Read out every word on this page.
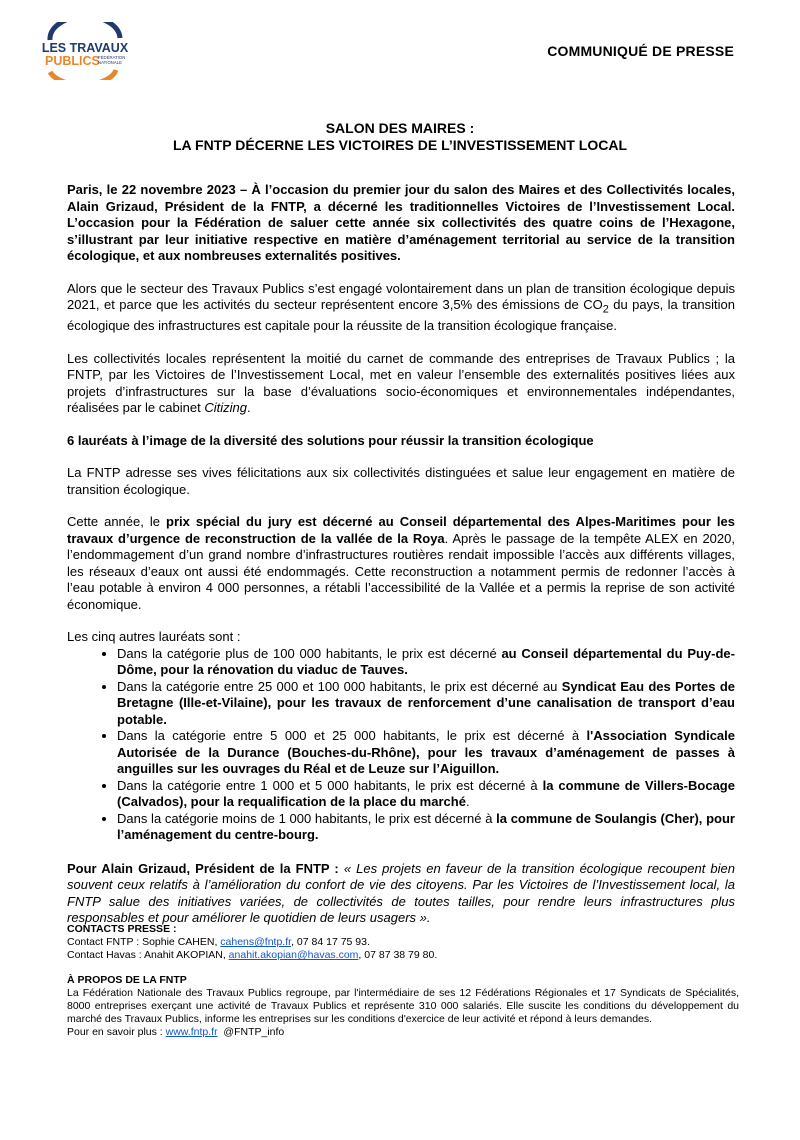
LES TRAVAUX
PUBLICS
FÉDÉRATION
NATIONALE
COMMUNIQUÉ DE PRESSE
SALON DES MAIRES :
LA FNTP DÉCERNE LES VICTOIRES DE L’INVESTISSEMENT LOCAL

Paris, le 22 novembre 2023 – À l’occasion du premier jour du salon des Maires et des Collectivités locales, Alain Grizaud, Président de la FNTP, a décerné les traditionnelles Victoires de l’Investissement Local. L’occasion pour la Fédération de saluer cette année six collectivités des quatre coins de l’Hexagone, s’illustrant par leur initiative respective en matière d’aménagement territorial au service de la transition écologique, et aux nombreuses externalités positives.

Alors que le secteur des Travaux Publics s’est engagé volontairement dans un plan de transition écologique depuis 2021, et parce que les activités du secteur représentent encore 3,5% des émissions de $CO_2$ du pays, la transition écologique des infrastructures est capitale pour la réussite de la transition écologique française.

Les collectivités locales représentent la moitié du carnet de commande des entreprises de Travaux Publics ; la FNTP, par les Victoires de l’Investissement Local, met en valeur l’ensemble des externalités positives liées aux projets d’infrastructures sur la base d’évaluations socio-économiques et environnementales indépendantes, réalisées par le cabinet Citizing.

6 lauréats à l’image de la diversité des solutions pour réussir la transition écologique

La FNTP adresse ses vives félicitations aux six collectivités distinguées et salue leur engagement en matière de transition écologique.

Cette année, le prix spécial du jury est décerné au Conseil départemental des Alpes-Maritimes pour les travaux d’urgence de reconstruction de la vallée de la Roya. Après le passage de la tempête ALEX en 2020, l’endommagement d’un grand nombre d’infrastructures routières rendait impossible l’accès aux différents villages, les réseaux d’eaux ont aussi été endommagés. Cette reconstruction a notamment permis de redonner l’accès à l’eau potable à environ 4 000 personnes, a rétabli l’accessibilité de la Vallée et a permis la reprise de son activité économique.

Les cinq autres lauréats sont :

• Dans la catégorie plus de 100 000 habitants, le prix est décerné au Conseil départemental du Puy-de-Dôme, pour la rénovation du viaduc de Tauves.
• Dans la catégorie entre 25 000 et 100 000 habitants, le prix est décerné au Syndicat Eau des Portes de Bretagne (Ille-et-Vilaine), pour les travaux de renforcement d’une canalisation de transport d’eau potable.
• Dans la catégorie entre 5 000 et 25 000 habitants, le prix est décerné à l'Association Syndicale Autorisée de la Durance (Bouches-du-Rhône), pour les travaux d’aménagement de passes à anguilles sur les ouvrages du Réal et de Leuze sur l’Aiguillon.
• Dans la catégorie entre 1 000 et 5 000 habitants, le prix est décerné à la commune de Villers-Bocage (Calvados), pour la requalification de la place du marché.
• Dans la catégorie moins de 1 000 habitants, le prix est décerné à la commune de Soulangis (Cher), pour l’aménagement du centre-bourg.

Pour Alain Grizaud, Président de la FNTP : « Les projets en faveur de la transition écologique recoupent bien souvent ceux relatifs à l’amélioration du confort de vie des citoyens. Par les Victoires de l’Investissement local, la FNTP salue des initiatives variées, de collectivités de toutes tailles, pour rendre leurs infrastructures plus responsables et pour améliorer le quotidien de leurs usagers ».

CONTACTS PRESSE :

Contact FNTP : Sophie CAHEN, cahens@fntp.fr, 07 84 17 75 93.

Contact Havas : Anahit AKOPIAN, anahit.akopian@havas.com, 07 87 38 79 80.

À PROPOS DE LA FNTP

La Fédération Nationale des Travaux Publics regroupe, par l'intermédiaire de ses 12 Fédérations Régionales et 17 Syndicats de Spécialités, 8000 entreprises exerçant une activité de Travaux Publics et représente 310 000 salariés. Elle suscite les conditions du développement du marché des Travaux Publics, informe les entreprises sur les conditions d'exercice de leur activité et répond à leurs demandes.

Pour en savoir plus : www.fntp.fr  @FNTP_info
